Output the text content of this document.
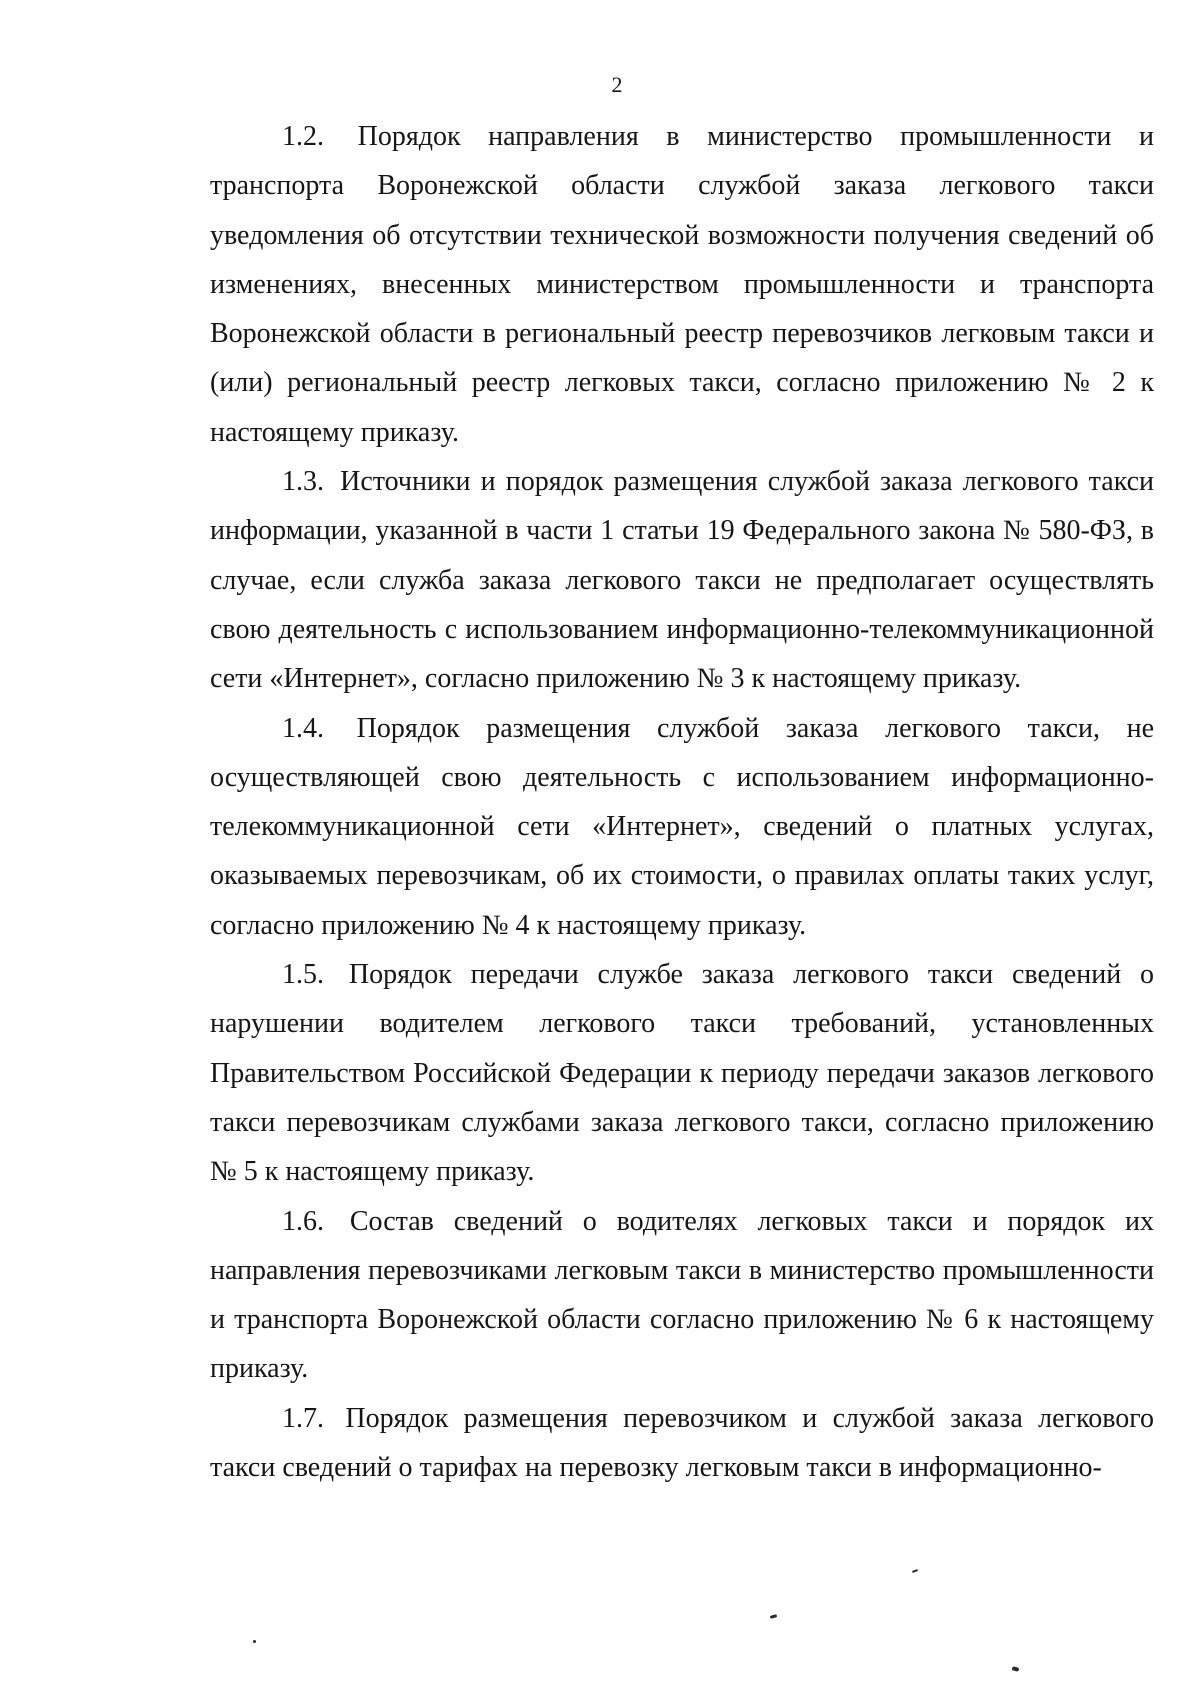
2

1.2. Порядок направления в министерство промышленности и транспорта Воронежской области службой заказа легкового такси уведомления об отсутствии технической возможности получения сведений об изменениях, внесенных министерством промышленности и транспорта Воронежской области в региональный реестр перевозчиков легковым такси и (или) региональный реестр легковых такси, согласно приложению № 2 к настоящему приказу.

1.3. Источники и порядок размещения службой заказа легкового такси информации, указанной в части 1 статьи 19 Федерального закона № 580-ФЗ, в случае, если служба заказа легкового такси не предполагает осуществлять свою деятельность с использованием информационно-телекоммуникационной сети «Интернет», согласно приложению № 3 к настоящему приказу.

1.4. Порядок размещения службой заказа легкового такси, не осуществляющей свою деятельность с использованием информационно-телекоммуникационной сети «Интернет», сведений о платных услугах, оказываемых перевозчикам, об их стоимости, о правилах оплаты таких услуг, согласно приложению № 4 к настоящему приказу.

1.5. Порядок передачи службе заказа легкового такси сведений о нарушении водителем легкового такси требований, установленных Правительством Российской Федерации к периоду передачи заказов легкового такси перевозчикам службами заказа легкового такси, согласно приложению № 5 к настоящему приказу.

1.6. Состав сведений о водителях легковых такси и порядок их направления перевозчиками легковым такси в министерство промышленности и транспорта Воронежской области согласно приложению № 6 к настоящему приказу.

1.7. Порядок размещения перевозчиком и службой заказа легкового такси сведений о тарифах на перевозку легковым такси в информационно-
